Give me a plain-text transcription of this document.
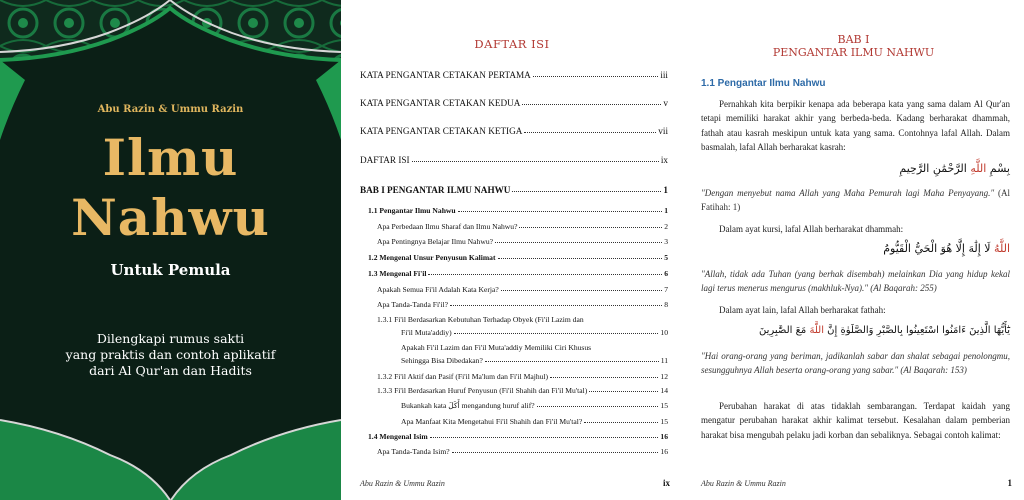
Abu Razin & Ummu Razin
Ilmu
Nahwu
Untuk Pemula
Dilengkapi rumus sakti
yang praktis dan contoh aplikatif
dari Al Qur'an dan Hadits
DAFTAR ISI
KATA PENGANTAR CETAKAN PERTAMA	iii
KATA PENGANTAR CETAKAN KEDUA	v
KATA PENGANTAR CETAKAN KETIGA	vii
DAFTAR ISI	ix
BAB I PENGANTAR ILMU NAHWU	1
1.1 Pengantar Ilmu Nahwu	1
Apa Perbedaan Ilmu Sharaf dan Ilmu Nahwu?	2
Apa Pentingnya Belajar Ilmu Nahwu?	3
1.2 Mengenal Unsur Penyusun Kalimat	5
1.3 Mengenal Fi'il	6
Apakah Semua Fi'il Adalah Kata Kerja?	7
Apa Tanda-Tanda Fi'il?	8
1.3.1 Fi'il Berdasarkan Kebutuhan Terhadap Obyek (Fi'il Lazim dan
Fi'il Muta'addiy)	10
Apakah Fi'il Lazim dan Fi'il Muta'addiy Memiliki Ciri Khusus
Sehingga Bisa Dibedakan?	11
1.3.2 Fi'il Aktif dan Pasif (Fi'il Ma'lum dan Fi'il Majhul)	12
1.3.3 Fi'il Berdasarkan Huruf Penyusun (Fi'il Shahih dan Fi'il Mu'tal)	14
Bukankah kata أَكَلَ mengandung huruf alif?	15
Apa Manfaat Kita Mengetahui Fi'il Shahih dan Fi'il Mu'tal?	15
1.4 Mengenal Isim	16
Apa Tanda-Tanda Isim?	16
Abu Razin & Ummu Razin	ix
BAB I
PENGANTAR ILMU NAHWU
1.1 Pengantar Ilmu Nahwu
Pernahkah kita berpikir kenapa ada beberapa kata yang sama dalam Al Qur'an tetapi memiliki harakat akhir yang berbeda-beda. Kadang berharakat dhammah, fathah atau kasrah meskipun untuk kata yang sama. Contohnya lafal Allah. Dalam basmalah, lafal Allah berharakat kasrah:
بِسْمِ اللَّهِ الرَّحْمَٰنِ الرَّحِيمِ
"Dengan menyebut nama Allah yang Maha Pemurah lagi Maha Penyayang." (Al Fatihah: 1)
Dalam ayat kursi, lafal Allah berharakat dhammah:
اللَّهُ لَا إِلَٰهَ إِلَّا هُوَ الْحَيُّ الْقَيُّومُ
"Allah, tidak ada Tuhan (yang berhak disembah) melainkan Dia yang hidup kekal lagi terus menerus mengurus (makhluk-Nya)." (Al Baqarah: 255)
Dalam ayat lain, lafal Allah berharakat fathah:
يَٰٓأَيُّهَا الَّذِينَ ءَامَنُوا اسْتَعِينُوا بِالصَّبْرِ وَالصَّلَوٰةِ إِنَّ اللَّهَ مَعَ الصَّٰبِرِينَ
"Hai orang-orang yang beriman, jadikanlah sabar dan shalat sebagai penolongmu, sesungguhnya Allah beserta orang-orang yang sabar." (Al Baqarah: 153)
Perubahan harakat di atas tidaklah sembarangan. Terdapat kaidah yang mengatur perubahan harakat akhir kalimat tersebut. Kesalahan dalam pemberian harakat bisa mengubah pelaku jadi korban dan sebaliknya. Sebagai contoh kalimat:
Abu Razin & Ummu Razin	1
